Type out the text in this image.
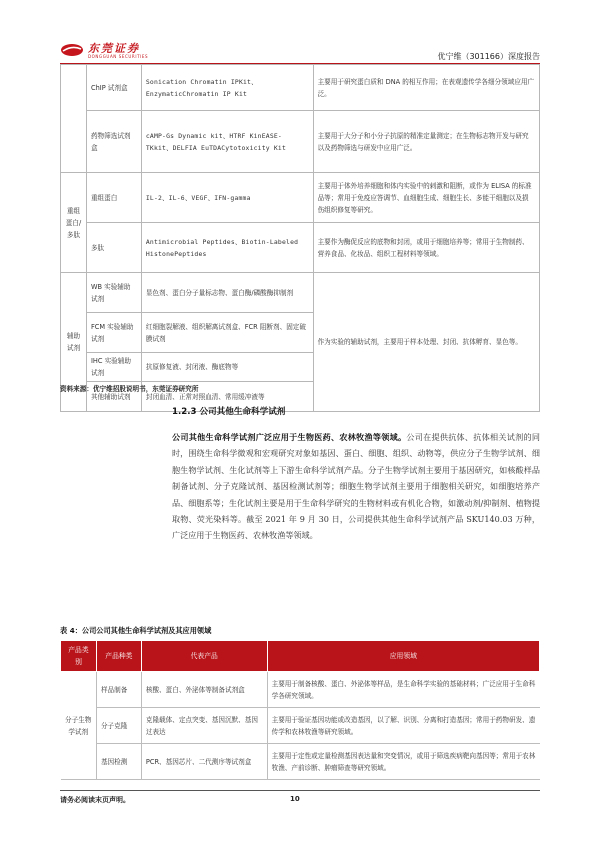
东莞证券
DONGGUAN SECURITIES	优宁维（301166）深度报告
	ChIP 试剂盒	Sonication Chromatin IPKit、EnzymaticChromatin IP Kit	主要用于研究蛋白质和 DNA 的相互作用；在表观遗传学各细分领域应用广泛。
	药物筛选试剂盒	cAMP-Gs Dynamic kit、HTRF KinEASE-TKkit、DELFIA EuTDACytotoxicity Kit	主要用于大分子和小分子抗原的精准定量测定；在生物标志物开发与研究以及药物筛选与研发中应用广泛。
重组蛋白/多肽	重组蛋白	IL-2、IL-6、VEGF、IFN-gamma	主要用于体外培养细胞和体内实验中的刺激和阻断，或作为 ELISA 的标准品等；常用于免疫应答调节、血细胞生成、细胞生长、多能干细胞以及损伤组织修复等研究。
	多肽	Antimicrobial Peptides、Biotin-Labeled HistonePeptides	主要作为酶促反应的底物和封闭，或用于细胞培养等；常用于生物制药、营养食品、化妆品、组织工程材料等领域。
辅助试剂	WB 实验辅助试剂	显色剂、蛋白分子量标志物、蛋白酶/磷酸酶抑制剂	作为实验的辅助试剂，主要用于样本处理、封闭、抗体孵育、显色等。
	FCM 实验辅助试剂	红细胞裂解液、组织解离试剂盒、FCR 阻断剂、固定破膜试剂	
	IHC 实验辅助试剂	抗原修复液、封闭液、酶底物等	
	其他辅助试剂	封闭血清、正常对照血清、常用缓冲液等	
资料来源：优宁维招股说明书，东莞证券研究所
1.2.3 公司其他生命科学试剂
公司其他生命科学试剂广泛应用于生物医药、农林牧渔等领域。公司在提供抗体、抗体相关试剂的同时，围绕生命科学微观和宏观研究对象如基因、蛋白、细胞、组织、动物等，供应分子生物学试剂、细胞生物学试剂、生化试剂等上下游生命科学试剂产品。分子生物学试剂主要用于基因研究，如核酸样品制备试剂、分子克隆试剂、基因检测试剂等；细胞生物学试剂主要用于细胞相关研究，如细胞培养产品、细胞系等；生化试剂主要是用于生命科学研究的生物材料或有机化合物，如激动剂/抑制剂、植物提取物、荧光染料等。截至 2021 年 9 月 30 日，公司提供其他生命科学试剂产品 SKU140.03 万种，广泛应用于生物医药、农林牧渔等领域。
表 4：公司公司其他生命科学试剂及其应用领域
产品类别	产品种类	代表产品	应用领域
分子生物学试剂	样品制备	核酸、蛋白、外泌体等制备试剂盒	主要用于制备核酸、蛋白、外泌体等样品，是生命科学实验的基础材料；广泛应用于生命科学各研究领域。
	分子克隆	克隆载体、定点突变、基因沉默、基因过表达	主要用于验证基因功能或改造基因，以了解、识别、分离和打造基因；常用于药物研发、遗传学和农林牧渔等研究领域。
	基因检测	PCR、基因芯片、二代测序等试剂盒	主要用于定性或定量检测基因表达量和突变情况，或用于筛选疾病靶向基因等；常用于农林牧渔、产前诊断、肿瘤筛查等研究领域。
请务必阅读末页声明。	10
